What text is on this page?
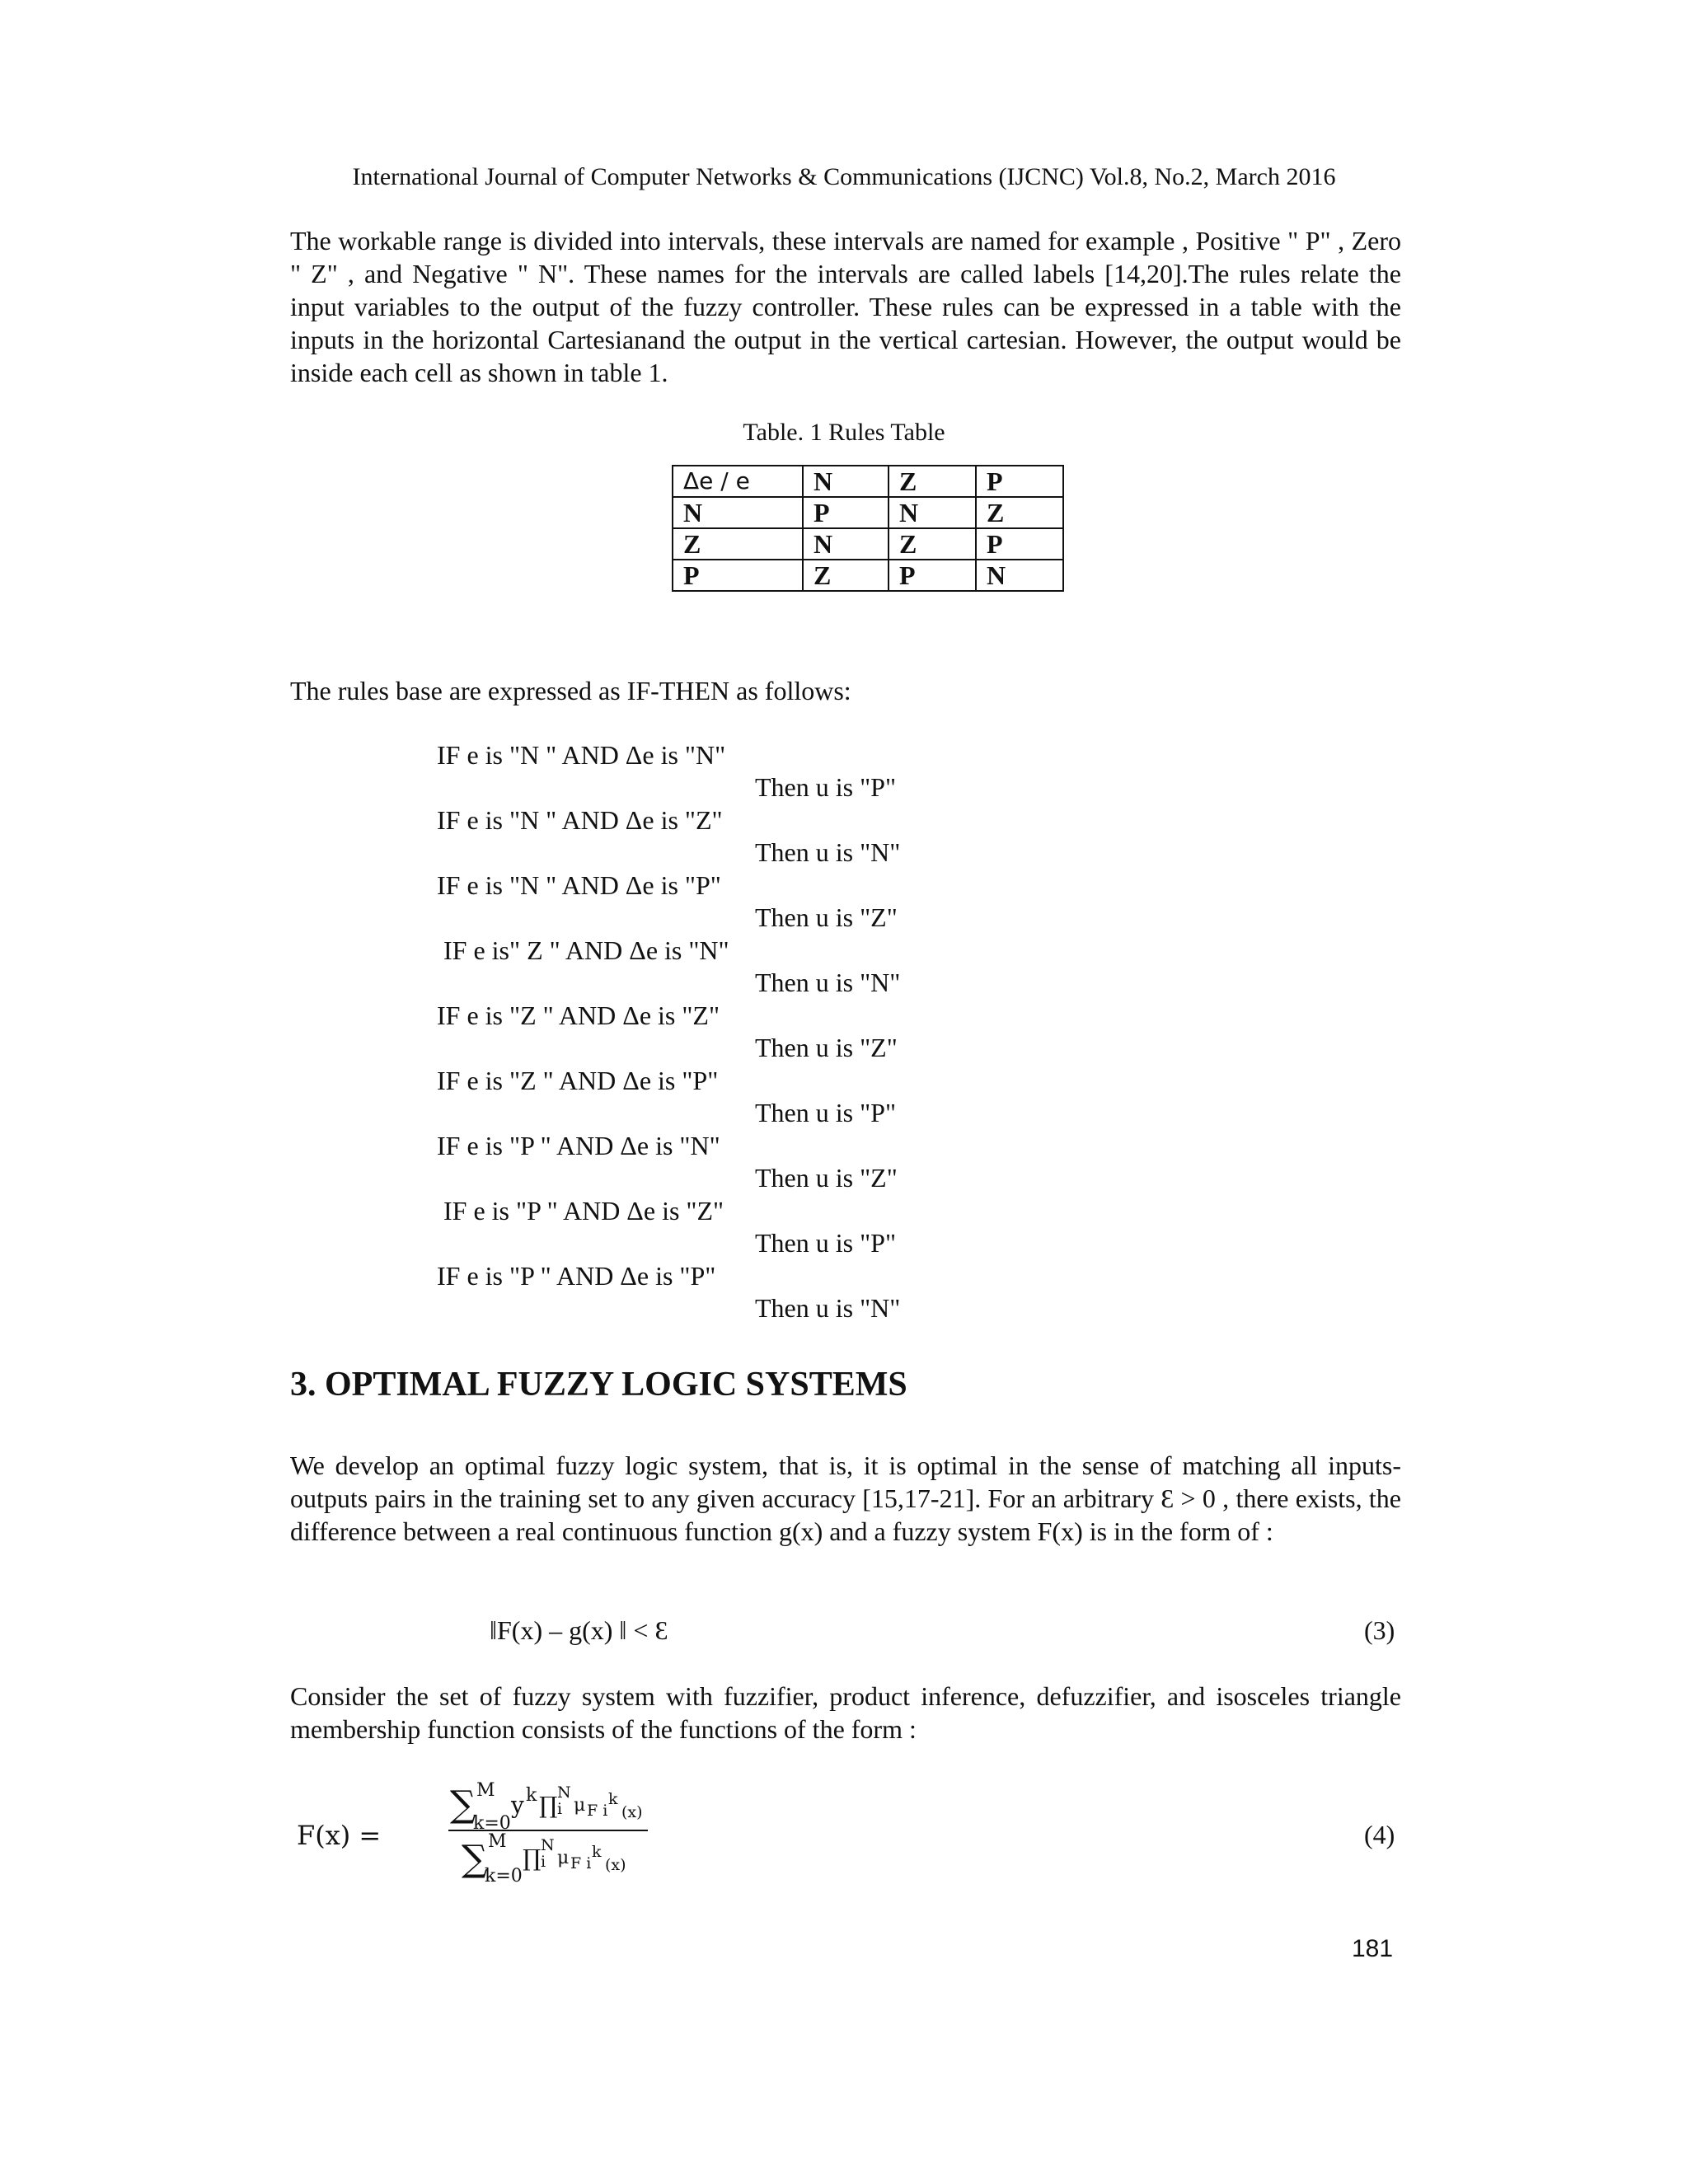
International Journal of Computer Networks & Communications (IJCNC) Vol.8, No.2, March 2016

The workable range is divided into intervals, these intervals are named for example , Positive " P" , Zero " Z" , and Negative " N". These names for the intervals are called labels [14,20].The rules relate the input variables to the output of the fuzzy controller. These rules can be expressed in a table with the inputs in the horizontal Cartesianand the output in the vertical cartesian. However, the output would be inside each cell as shown in table 1.

Table. 1 Rules Table
Δe / e	N	Z	P
N	P	N	Z
Z	N	Z	P
P	Z	P	N
The rules base are expressed as IF-THEN as follows:
IF e is "N " AND Δe is "N"
Then u is "P"
IF e is "N " AND Δe is "Z"
Then u is "N"
IF e is "N " AND Δe is "P"
Then u is "Z"
IF e is" Z " AND Δe is "N"
Then u is "N"
IF e is "Z " AND Δe is "Z"
Then u is "Z"
IF e is "Z " AND Δe is "P"
Then u is "P"
IF e is "P " AND Δe is "N"
Then u is "Z"
IF e is "P " AND Δe is "Z"
Then u is "P"
IF e is "P " AND Δe is "P"
Then u is "N"
3. OPTIMAL FUZZY LOGIC SYSTEMS

We develop an optimal fuzzy logic system, that is, it is optimal in the sense of matching all inputs-outputs pairs in the training set to any given accuracy [15,17-21]. For an arbitrary Ɛ > 0 , there exists, the difference between a real continuous function g(x) and a fuzzy system F(x) is in the form of :

‖F(x) – g(x) ‖ < Ɛ	(3)

Consider the set of fuzzy system with fuzzifier, product inference, defuzzifier, and isosceles triangle membership function consists of the functions of the form :

F(x) =
∑ M
k=0
y k ∏ N
i μ F i
k
(x)
∑ M
k=0
∏ N
i μ F i
k
(x)
(4)
181
